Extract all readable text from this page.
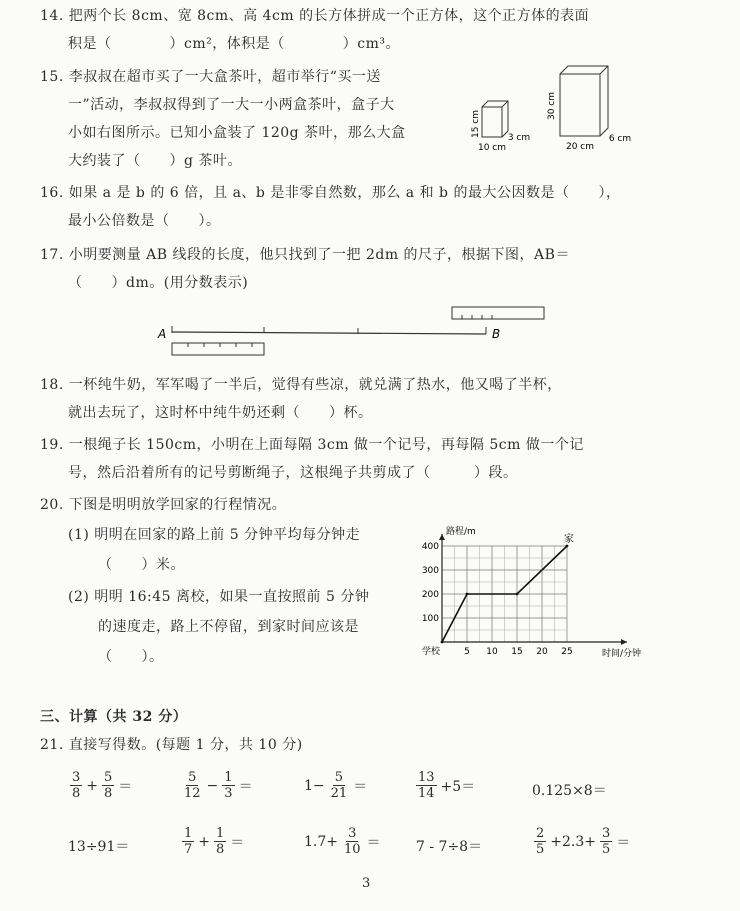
14. 把两个长 8cm、宽 8cm、高 4cm 的长方体拼成一个正方体，这个正方体的表面
积是（　　　　）cm²，体积是（　　　　）cm³。
15. 李叔叔在超市买了一大盒茶叶，超市举行“买一送
一”活动，李叔叔得到了一大一小两盒茶叶，盒子大
小如右图所示。已知小盒装了 120g 茶叶，那么大盒
大约装了（　　）g 茶叶。
15 cm
10 cm
3 cm
30 cm
20 cm
6 cm
16. 如果 a 是 b 的 6 倍，且 a、b 是非零自然数，那么 a 和 b 的最大公因数是（　　），
最小公倍数是（　　）。
17. 小明要测量 AB 线段的长度，他只找到了一把 2dm 的尺子，根据下图，AB＝
（　　）dm。(用分数表示)
A	B
18. 一杯纯牛奶，军军喝了一半后，觉得有些凉，就兑满了热水，他又喝了半杯，
就出去玩了，这时杯中纯牛奶还剩（　　）杯。
19. 一根绳子长 150cm，小明在上面每隔 3cm 做一个记号，再每隔 5cm 做一个记
号，然后沿着所有的记号剪断绳子，这根绳子共剪成了（　　　）段。
20. 下图是明明放学回家的行程情况。
(1) 明明在回家的路上前 5 分钟平均每分钟走
（　　）米。
(2) 明明 16:45 离校，如果一直按照前 5 分钟
的速度走，路上不停留，到家时间应该是
（　　）。	5 10 15 20 25
100
200
300
400
路程/m
时间/分钟
学校
家
三、计算（共 32 分）
21. 直接写得数。(每题 1 分，共 10 分)
$\frac{3}{8} + \frac{5}{8}$ ＝	$\frac{5}{12} - \frac{1}{3}$ ＝	$1- \frac{5}{21}$ ＝	$\frac{13}{14} +5=$	0.125×8＝
13÷91＝	$\frac{1}{7} + \frac{1}{8}$ ＝	$1.7+ \frac{3}{10}$ ＝	7 - 7÷8＝	$\frac{2}{5} +2.3+ \frac{3}{5}$ ＝
3
